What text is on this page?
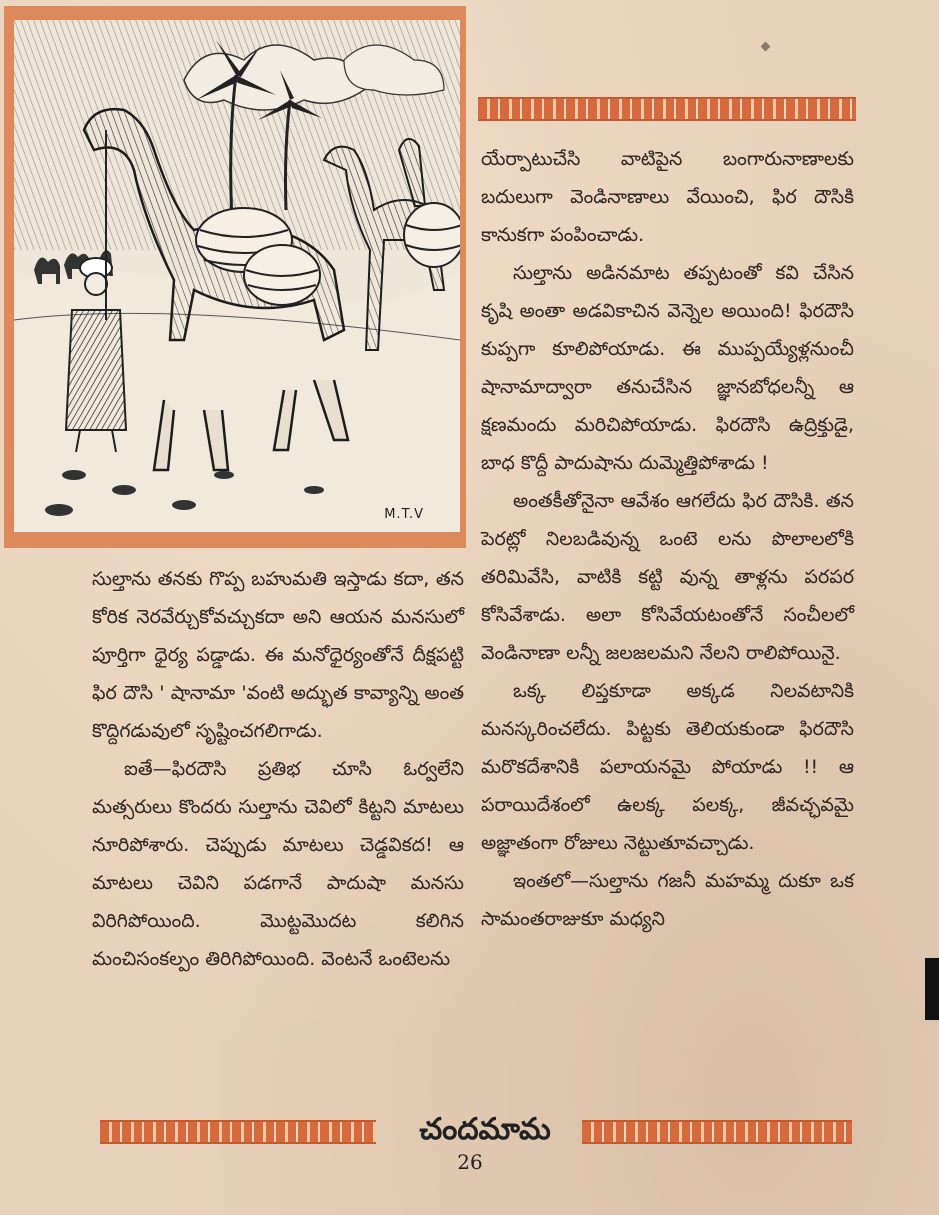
M.T.V

యేర్పాటుచేసి వాటిపైన బంగారునాణాలకు బదులుగా వెండినాణాలు వేయించి, ఫిర దౌసికి కానుకగా పంపించాడు.

సుల్తాను అడినమాట తప్పటంతో కవి చేసిన కృషి అంతా అడవికాచిన వెన్నెల అయింది! ఫిరదౌసి కుప్పగా కూలిపోయాడు. ఈ ముప్పయ్యేళ్లనుంచీ షానామాద్వారా తనుచేసిన జ్ఞానబోధలన్నీ ఆ క్షణమందు మరిచిపోయాడు. ఫిరదౌసి ఉద్రిక్తుడై, బాధ కొద్దీ పాదుషాను దుమ్మెత్తిపోశాడు !

అంతకీతోనైనా ఆవేశం ఆగలేదు ఫిర దౌసికి. తన పెరట్లో నిలబడివున్న ఒంటె లను పొలాలలోకి తరిమివేసి, వాటికి కట్టి వున్న తాళ్లను పరపర కోసివేశాడు. అలా కోసివేయటంతోనే సంచీలలో వెండినాణా లన్నీ జలజలమని నేలని రాలిపోయినై.

ఒక్క లిప్తకూడా అక్కడ నిలవటానికి మనస్కరించలేదు. పిట్టకు తెలియకుండా ఫిరదౌసి మరొకదేశానికి పలాయనమై పోయాడు !! ఆ పరాయిదేశంలో ఉలక్క పలక్క, జీవచ్ఛవమై అజ్ఞాతంగా రోజులు నెట్టుతూవచ్చాడు.

ఇంతలో—సుల్తాను గజనీ మహమ్మ దుకూ ఒక సామంతరాజుకూ మధ్యని

సుల్తాను తనకు గొప్ప బహుమతి ఇస్తాడు కదా, తన కోరిక నెరవేర్చుకోవచ్చుకదా అని ఆయన మనసులో పూర్తిగా ధైర్య పడ్డాడు. ఈ మనోధైర్యంతోనే దీక్షపట్టి ఫిర దౌసి ' షానామా 'వంటి అద్భుత కావ్యాన్ని అంత కొద్దిగడువులో సృష్టించగలిగాడు.

ఐతే—ఫిరదౌసి ప్రతిభ చూసి ఓర్వలేని మత్సరులు కొందరు సుల్తాను చెవిలో కిట్టని మాటలు నూరిపోశారు. చెప్పుడు మాటలు చెడ్డవికద! ఆ మాటలు చెవిని పడగానే పాదుషా మనసు విరిగిపోయింది. మొట్టమొదట కలిగిన మంచిసంకల్పం తిరిగిపోయింది. వెంటనే ఒంటెలను

చందమామ
26
